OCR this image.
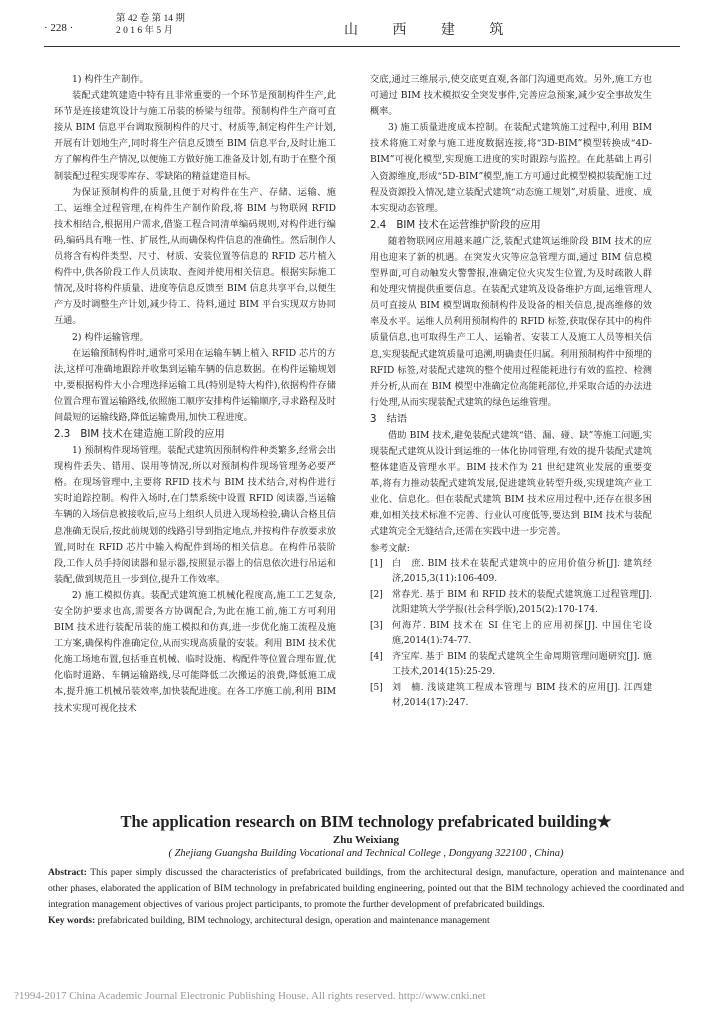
· 228 ·
第 42 卷 第 14 期
2 0 1 6 年 5 月	山 西 建 筑

1) 构件生产制作。

装配式建筑建造中特有且非常重要的一个环节是预制构件生产,此环节是连接建筑设计与施工吊装的桥梁与纽带。预制构件生产商可直接从 BIM 信息平台调取预制构件的尺寸、材质等,制定构件生产计划,开展有计划地生产,同时将生产信息反馈至 BIM 信息平台,及时让施工方了解构件生产情况,以便施工方做好施工准备及计划,有助于在整个预制装配过程实现零库存、零缺陷的精益建造目标。

为保证预制构件的质量,且便于对构件在生产、存储、运输、施工、运维全过程管理,在构件生产制作阶段,将 BIM 与物联网 RFID 技术相结合,根据用户需求,借鉴工程合同清单编码规则,对构件进行编码,编码具有唯一性、扩展性,从而确保构件信息的准确性。然后制作人员将含有构件类型、尺寸、材质、安装位置等信息的 RFID 芯片植入构件中,供各阶段工作人员读取、查阅并使用相关信息。根据实际施工情况,及时将构件质量、进度等信息反馈至 BIM 信息共享平台,以便生产方及时调整生产计划,减少待工、待料,通过 BIM 平台实现双方协同互通。

2) 构件运输管理。

在运输预制构件时,通常可采用在运输车辆上植入 RFID 芯片的方法,这样可准确地跟踪并收集到运输车辆的信息数据。在构件运输规划中,要根据构件大小合理选择运输工具(特别是特大构件),依据构件存储位置合理布置运输路线,依照施工顺序安排构件运输顺序,寻求路程及时间最短的运输线路,降低运输费用,加快工程进度。

2.3　BIM 技术在建造施工阶段的应用

1) 预制构件现场管理。装配式建筑因预制构件种类繁多,经常会出现构件丢失、错用、误用等情况,所以对预制构件现场管理务必要严格。在现场管理中,主要将 RFID 技术与 BIM 技术结合,对构件进行实时追踪控制。构件入场时,在门禁系统中设置 RFID 阅读器,当运输车辆的入场信息被接收后,应马上组织人员进入现场检验,确认合格且信息准确无误后,按此前规划的线路引导到指定地点,并按构件存放要求放置,同时在 RFID 芯片中输入构配件到场的相关信息。在构件吊装阶段,工作人员手持阅读器和显示器,按照显示器上的信息依次进行吊运和装配,做到规范且一步到位,提升工作效率。

2) 施工模拟仿真。装配式建筑施工机械化程度高,施工工艺复杂,安全防护要求也高,需要各方协调配合,为此在施工前,施工方可利用 BIM 技术进行装配吊装的施工模拟和仿真,进一步优化施工流程及施工方案,确保构件准确定位,从而实现高质量的安装。利用 BIM 技术优化施工场地布置,包括垂直机械、临时设施、构配件等位置合理布置,优化临时道路、车辆运输路线,尽可能降低二次搬运的浪费,降低施工成本,提升施工机械吊装效率,加快装配进度。在各工序施工前,利用 BIM 技术实现可视化技术

交底,通过三维展示,使交底更直观,各部门沟通更高效。另外,施工方也可通过 BIM 技术模拟安全突发事件,完善应急预案,减少安全事故发生概率。

3) 施工质量进度成本控制。在装配式建筑施工过程中,利用 BIM 技术将施工对象与施工进度数据连接,将“3D-BIM”模型转换成“4D-BIM”可视化模型,实现施工进度的实时跟踪与监控。在此基础上再引入资源维度,形成“5D-BIM”模型,施工方可通过此模型模拟装配施工过程及资源投入情况,建立装配式建筑“动态施工规划”,对质量、进度、成本实现动态管理。

2.4　BIM 技术在运营维护阶段的应用

随着物联网应用越来越广泛,装配式建筑运维阶段 BIM 技术的应用也迎来了新的机遇。在突发火灾等应急管理方面,通过 BIM 信息模型界面,可自动触发火警警报,准确定位火灾发生位置,为及时疏散人群和处理灾情提供重要信息。在装配式建筑及设备维护方面,运维管理人员可直接从 BIM 模型调取预制构件及设备的相关信息,提高维修的效率及水平。运维人员利用预制构件的 RFID 标签,获取保存其中的构件质量信息,也可取得生产工人、运输者、安装工人及施工人员等相关信息,实现装配式建筑质量可追溯,明确责任归属。利用预制构件中预埋的 RFID 标签,对装配式建筑的整个使用过程能耗进行有效的监控、检测并分析,从而在 BIM 模型中准确定位高能耗部位,并采取合适的办法进行处理,从而实现装配式建筑的绿色运维管理。

3　结语

借助 BIM 技术,避免装配式建筑“错、漏、碰、缺”等施工问题,实现装配式建筑从设计到运维的一体化协同管理,有效的提升装配式建筑整体建造及管理水平。BIM 技术作为 21 世纪建筑业发展的重要变革,将有力推动装配式建筑发展,促进建筑业转型升级,实现建筑产业工业化、信息化。但在装配式建筑 BIM 技术应用过程中,还存在很多困难,如相关技术标准不完善、行业认可度低等,要达到 BIM 技术与装配式建筑完全无缝结合,还需在实践中进一步完善。

参考文献:

[1]	白　庶. BIM 技术在装配式建筑中的应用价值分析[J]. 建筑经济,2015,3(11):106-409.
[2]	常春光. 基于 BIM 和 RFID 技术的装配式建筑施工过程管理[J]. 沈阳建筑大学学报(社会科学版),2015(2):170-174.
[3]	何海芹. BIM 技术在 SI 住宅上的应用初探[J]. 中国住宅设施,2014(1):74-77.
[4]	齐宝库. 基于 BIM 的装配式建筑全生命周期管理问题研究[J]. 施工技术,2014(15):25-29.
[5]	刘　楠. 浅谈建筑工程成本管理与 BIM 技术的应用[J]. 江西建材,2014(17):247.

The application research on BIM technology prefabricated building★

Zhu Weixiang

( Zhejiang Guangsha Building Vocational and Technical College , Dongyang 322100 , China)

Abstract: This paper simply discussed the characteristics of prefabricated buildings, from the architectural design, manufacture, operation and maintenance and other phases, elaborated the application of BIM technology in prefabricated building engineering, pointed out that the BIM technology achieved the coordinated and integration management objectives of various project participants, to promote the further development of prefabricated buildings.

Key words: prefabricated building, BIM technology, architectural design, operation and maintenance management

?1994-2017 China Academic Journal Electronic Publishing House. All rights reserved. http://www.cnki.net
